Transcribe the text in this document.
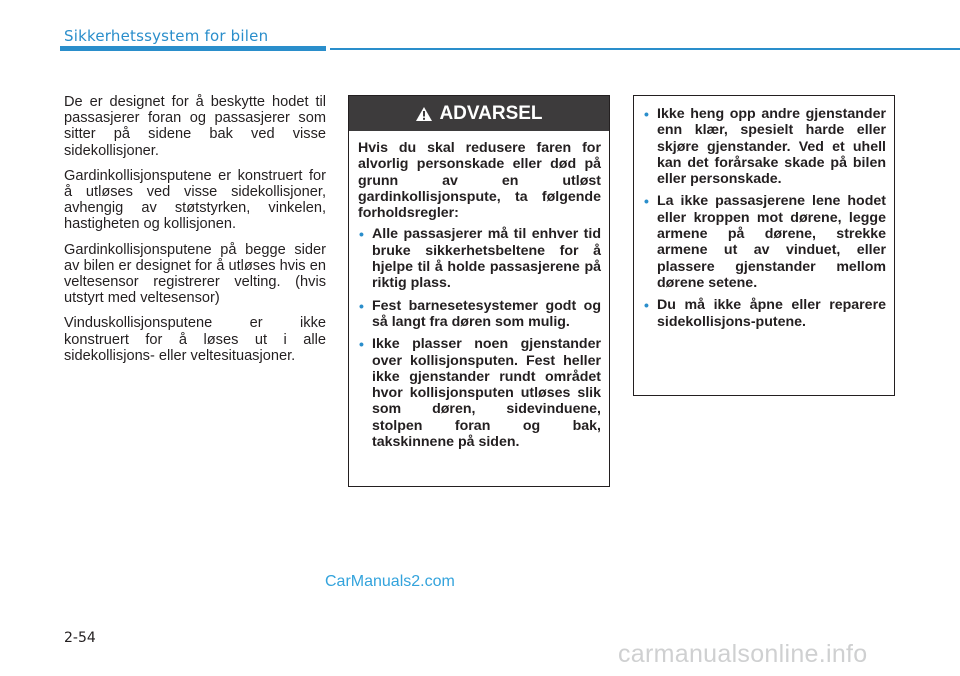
Sikkerhetssystem for bilen

De er designet for å beskytte hodet til passasjerer foran og passasjerer som sitter på sidene bak ved visse sidekollisjoner.

Gardinkollisjonsputene er konstruert for å utløses ved visse sidekollisjoner, avhengig av støtstyrken, vinkelen, hastigheten og kollisjonen.

Gardinkollisjonsputene på begge sider av bilen er designet for å utløses hvis en veltesensor registrerer velting. (hvis utstyrt med veltesensor)

Vinduskollisjonsputene er ikke konstruert for å løses ut i alle sidekollisjons- eller veltesituasjoner.

ADVARSEL

Hvis du skal redusere faren for alvorlig personskade eller død på grunn av en utløst gardinkollisjonspute, ta følgende forholdsregler:

• Alle passasjerer må til enhver tid bruke sikkerhetsbeltene for å hjelpe til å holde passasjerene på riktig plass.
• Fest barnesetesystemer godt og så langt fra døren som mulig.
• Ikke plasser noen gjenstander over kollisjonsputen. Fest heller ikke gjenstander rundt området hvor kollisjonsputen utløses slik som døren, sidevinduene, stolpen foran og bak, takskinnene på siden.
• Ikke heng opp andre gjenstander enn klær, spesielt harde eller skjøre gjenstander. Ved et uhell kan det forårsake skade på bilen eller personskade.
• La ikke passasjerene lene hodet eller kroppen mot dørene, legge armene på dørene, strekke armene ut av vinduet, eller plassere gjenstander mellom dørene setene.
• Du må ikke åpne eller reparere sidekollisjons-putene.
CarManuals2.com
2-54
carmanualsonline.info
